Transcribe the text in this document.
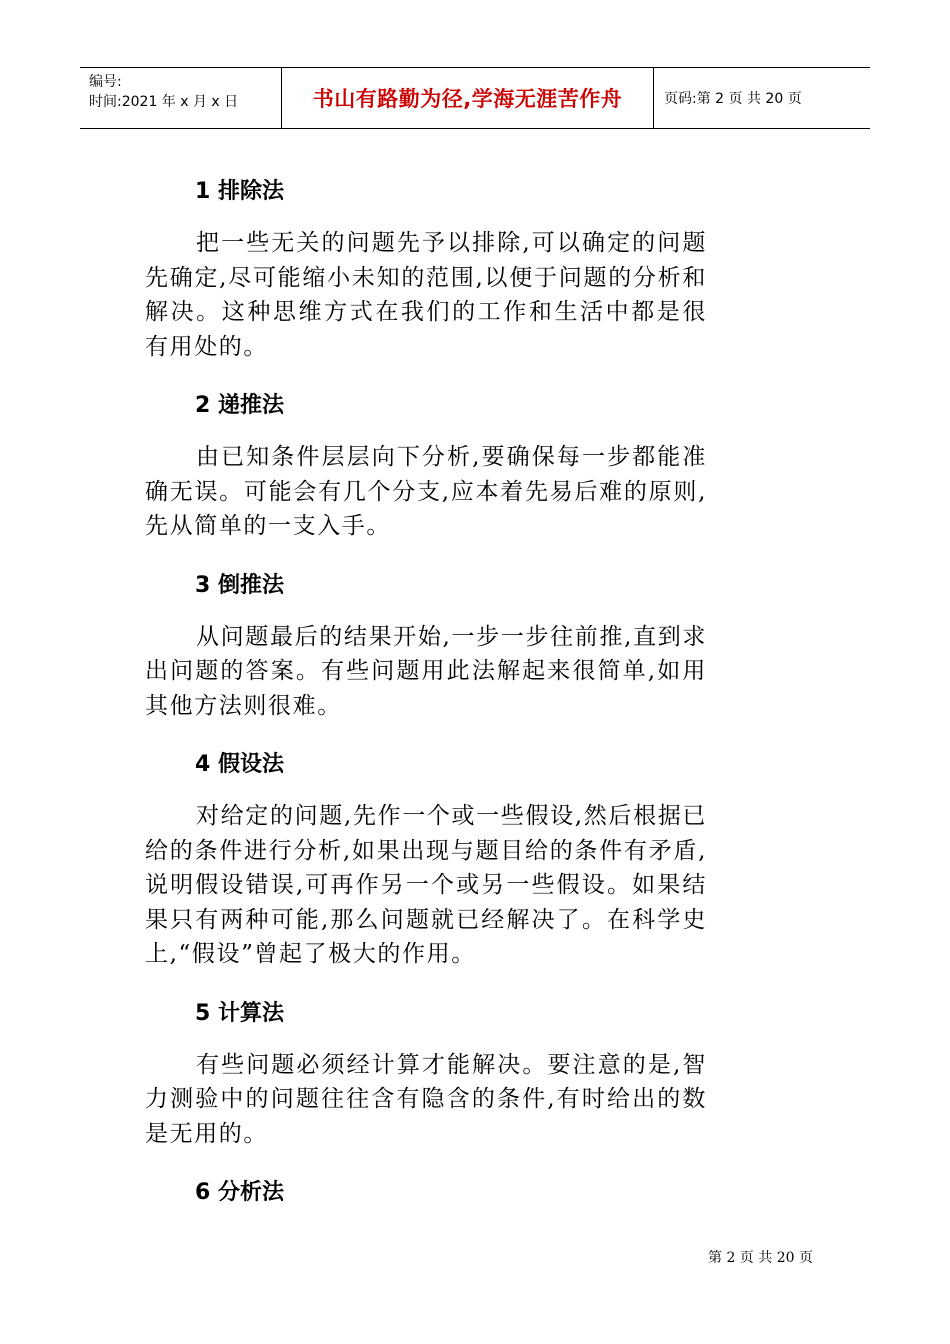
编号:
时间:2021 年 x 月 x 日	书山有路勤为径,学海无涯苦作舟	页码:第 2 页 共 20 页
1 排除法
把一些无关的问题先予以排除,可以确定的问题先确定,尽可能缩小未知的范围,以便于问题的分析和解决。这种思维方式在我们的工作和生活中都是很有用处的。
2 递推法
由已知条件层层向下分析,要确保每一步都能准确无误。可能会有几个分支,应本着先易后难的原则,先从简单的一支入手。
3 倒推法
从问题最后的结果开始,一步一步往前推,直到求出问题的答案。有些问题用此法解起来很简单,如用其他方法则很难。
4 假设法
对给定的问题,先作一个或一些假设,然后根据已给的条件进行分析,如果出现与题目给的条件有矛盾,说明假设错误,可再作另一个或另一些假设。如果结果只有两种可能,那么问题就已经解决了。在科学史上,“假设”曾起了极大的作用。
5 计算法
有些问题必须经计算才能解决。要注意的是,智力测验中的问题往往含有隐含的条件,有时给出的数是无用的。
6 分析法
第 2 页 共 20 页
